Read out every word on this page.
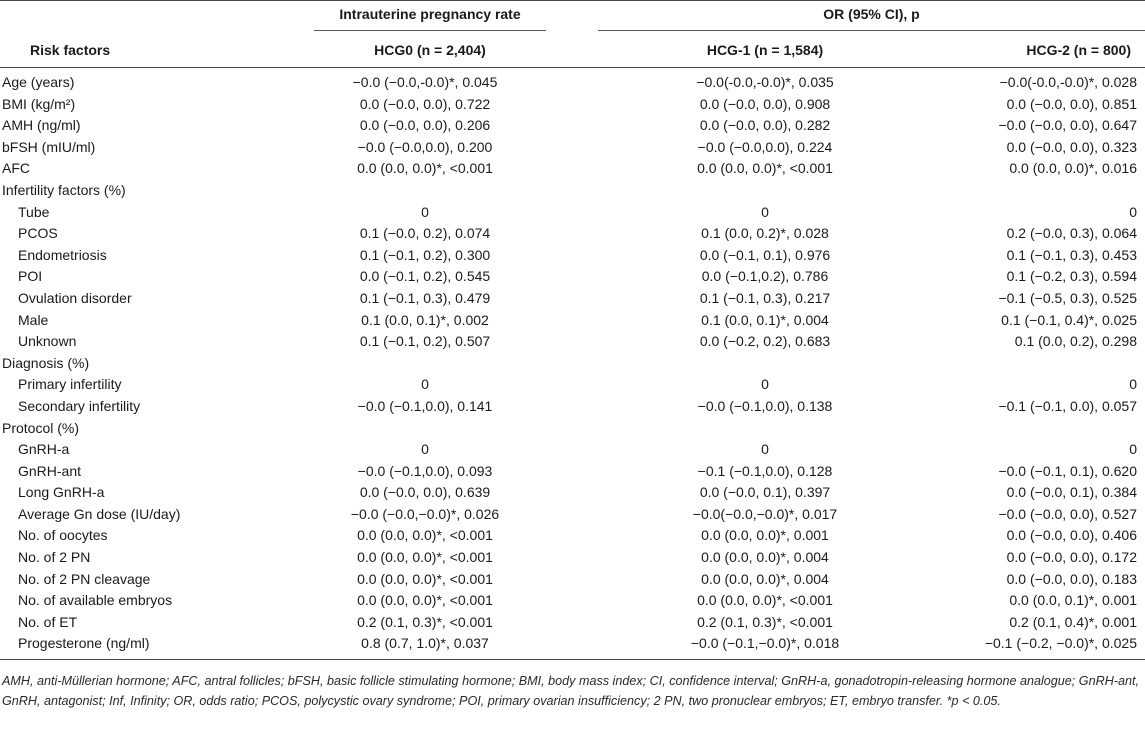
	Intrauterine pregnancy rate	OR (95% CI), p	

Risk factors	HCG0 (n = 2,404)	HCG-1 (n = 1,584)	HCG-2 (n = 800)
Age (years)	−0.0 (−0.0,-0.0)*, 0.045	−0.0(-0.0,-0.0)*, 0.035	−0.0(-0.0,-0.0)*, 0.028
BMI (kg/m²)	0.0 (−0.0, 0.0), 0.722	0.0 (−0.0, 0.0), 0.908	0.0 (−0.0, 0.0), 0.851
AMH (ng/ml)	0.0 (−0.0, 0.0), 0.206	0.0 (−0.0, 0.0), 0.282	−0.0 (−0.0, 0.0), 0.647
bFSH (mIU/ml)	−0.0 (−0.0,0.0), 0.200	−0.0 (−0.0,0.0), 0.224	0.0 (−0.0, 0.0), 0.323
AFC	0.0 (0.0, 0.0)*, <0.001	0.0 (0.0, 0.0)*, <0.001	0.0 (0.0, 0.0)*, 0.016
Infertility factors (%)			
Tube	0	0	0
PCOS	0.1 (−0.0, 0.2), 0.074	0.1 (0.0, 0.2)*, 0.028	0.2 (−0.0, 0.3), 0.064
Endometriosis	0.1 (−0.1, 0.2), 0.300	0.0 (−0.1, 0.1), 0.976	0.1 (−0.1, 0.3), 0.453
POI	0.0 (−0.1, 0.2), 0.545	0.0 (−0.1,0.2), 0.786	0.1 (−0.2, 0.3), 0.594
Ovulation disorder	0.1 (−0.1, 0.3), 0.479	0.1 (−0.1, 0.3), 0.217	−0.1 (−0.5, 0.3), 0.525
Male	0.1 (0.0, 0.1)*, 0.002	0.1 (0.0, 0.1)*, 0.004	0.1 (−0.1, 0.4)*, 0.025
Unknown	0.1 (−0.1, 0.2), 0.507	0.0 (−0.2, 0.2), 0.683	0.1 (0.0, 0.2), 0.298
Diagnosis (%)			
Primary infertility	0	0	0
Secondary infertility	−0.0 (−0.1,0.0), 0.141	−0.0 (−0.1,0.0), 0.138	−0.1 (−0.1, 0.0), 0.057
Protocol (%)			
GnRH-a	0	0	0
GnRH-ant	−0.0 (−0.1,0.0), 0.093	−0.1 (−0.1,0.0), 0.128	−0.0 (−0.1, 0.1), 0.620
Long GnRH-a	0.0 (−0.0, 0.0), 0.639	0.0 (−0.0, 0.1), 0.397	0.0 (−0.0, 0.1), 0.384
Average Gn dose (IU/day)	−0.0 (−0.0,−0.0)*, 0.026	−0.0(−0.0,−0.0)*, 0.017	−0.0 (−0.0, 0.0), 0.527
No. of oocytes	0.0 (0.0, 0.0)*, <0.001	0.0 (0.0, 0.0)*, 0.001	0.0 (−0.0, 0.0), 0.406
No. of 2 PN	0.0 (0.0, 0.0)*, <0.001	0.0 (0.0, 0.0)*, 0.004	0.0 (−0.0, 0.0), 0.172
No. of 2 PN cleavage	0.0 (0.0, 0.0)*, <0.001	0.0 (0.0, 0.0)*, 0.004	0.0 (−0.0, 0.0), 0.183
No. of available embryos	0.0 (0.0, 0.0)*, <0.001	0.0 (0.0, 0.0)*, <0.001	0.0 (0.0, 0.1)*, 0.001
No. of ET	0.2 (0.1, 0.3)*, <0.001	0.2 (0.1, 0.3)*, <0.001	0.2 (0.1, 0.4)*, 0.001
Progesterone (ng/ml)	0.8 (0.7, 1.0)*, 0.037	−0.0 (−0.1,−0.0)*, 0.018	−0.1 (−0.2, −0.0)*, 0.025
AMH, anti-Müllerian hormone; AFC, antral follicles; bFSH, basic follicle stimulating hormone; BMI, body mass index; CI, confidence interval; GnRH-a, gonadotropin-releasing hormone analogue; GnRH-ant, GnRH, antagonist; Inf, Infinity; OR, odds ratio; PCOS, polycystic ovary syndrome; POI, primary ovarian insufficiency; 2 PN, two pronuclear embryos; ET, embryo transfer. *p < 0.05.
